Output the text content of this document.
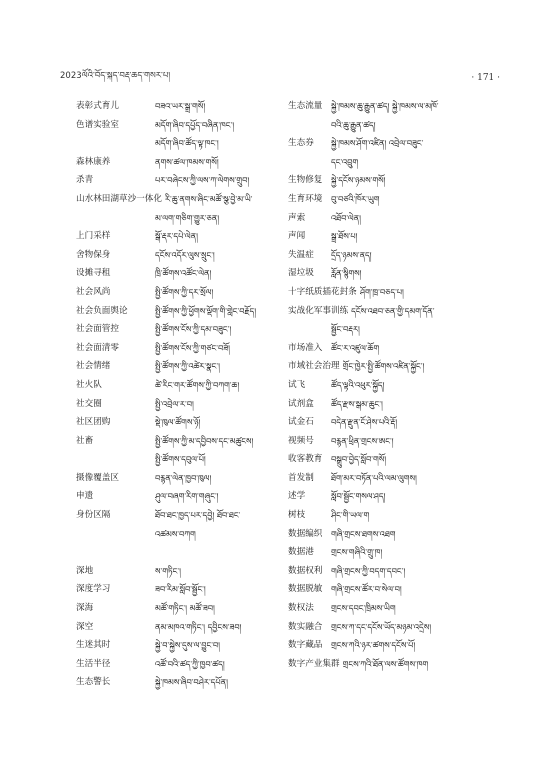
2023ལོའི་བོད་སྐད་བརྡ་ཆད་གསར་པ།	· 171 ·
表彰式育儿	བཟའ་ཡར་སྒྲ་གསོ།
色谱实验室	མདོག་ཞིབ་དཔྱོད་བཞིན་ཁང་།
མདོག་ཞིབ་ཚོད་ལྟ་ཁང་།
森林康养	ནགས་ཚལ་ཁམས་གསོ།
杀青	པར་བཞེངས་ཀྱི་ལས་ཀ་ལེགས་གྲུབ།
山水林田湖草沙一体化 རི་ཆུ་ནགས་ཞིང་མཚོ་སྩ་བྱེ་མ་ཡི་
མ་ལག་གཅིག་གྱུར་ཅན།
上门采样	སྒོ་རྡར་དཔེ་ལེན།
舍物保身	དངོས་འདོར་ལུས་སྲུང་།
设摊寻租	ཁྲི་ཚོགས་འཚོང་ལེན།
社会风尚	སྤྱི་ཚོགས་ཀྱི་དར་སྲོལ།
社会负面舆论	སྤྱི་ཚོགས་ཀྱི་ཕྱོགས་ལྡོག་གི་གླེང་བརྗོད།
社会面管控	སྤྱི་ཚོགས་ངོས་ཀྱི་དམ་བཟུང་།
社会面清零	སྤྱི་ཚོགས་ངོས་ཀྱི་གཙང་བཟོ།
社会情绪	སྤྱི་ཚོགས་ཀྱི་འཚེར་སྣང་།
社火队	ཚེ་རིང་གར་ཚོགས་ཀྱི་བཀག་ཆ།
社交圈	སྤྱི་འབྲེལ་ར་བ།
社区团购	སྡེ་ཁུལ་ཚོགས་ཉོ།
社畜	སྤྱི་ཚོགས་ཀྱི་མ་དབྱིབས་དང་མཚུངས།
སྤྱི་ཚོགས་དབུལ་པོ།
摄像覆盖区	བརྙན་ལེན་ཁྱབ་ཁུལ།
申遗	ཤུལ་བཞག་རིག་གཞུང་།
身份区隔	ཐོབ་ཐང་ཁྱད་པར་དབྱེ། ཐོབ་ཐང་
འཚམས་བཀག
深地	ས་གཏིང་།
深度学习	ཟབ་རིམ་སློབ་སྦྱོང་།
深海	མཚོ་གཏིང་། མཚོ་ཟབ།
深空	ནམ་མཁའ་གཏིང་། དབྱིངས་ཟབ།
生迷其时	སྐྱེ་བ་སྐྱེས་དུས་ལ་བྱུང་བ།
生活半径	འཚོ་བའི་ཚད་ཀྱི་ཁྱབ་ཚད།
生态警长	སྐྱེ་ཁམས་ཞིབ་བཤེར་དཔོན།
生态流量	སྐྱེ་ཁམས་ཆུ་རྒྱུན་ཚད། སྐྱེ་ཁམས་ལ་མཁོ་
བའི་ཆུ་རྒྱུན་ཚད།
生态券	སྐྱེ་ཁམས་ཤོག་འཛིན། འབྲེལ་བཟུང་
དང་འབྲུག
生物修复	སྐྱེ་དངོས་ཉམས་གསོ།
生育环境	བུ་བཙའི་ཁོར་ཡུག
声索	འཐོབ་ལེན།
声闻	སྒྲ་ཐོས་པ།
失温症	དྲོད་ཉམས་ནད།
湿垃圾	རློན་སྙིགས།
十字纸质插花封条 ཤོག་ཁྲ་བཅད་པ།
实战化军事训练 དངོས་འཐབ་ཅན་གྱི་དམག་དོན་
སྦྱོང་བརྡར།
市场准入	ཚོང་ར་འཛུལ་ཆོག
市域社会治理 གྲོང་ཁྱེར་སྤྱི་ཚོགས་འཛིན་སྐྱོང་།
试飞	ཚོད་ལྟའི་འཕུར་སྐྱོད།
试剂盒	ཚོད་རྫས་སྒམ་ཆུང་།
试金石	བདེན་རྫུན་ངོ་ཤེས་པའི་རྡོ།
视频号	བརྙན་ཕྲིན་གྲངས་ཨང་།
收客教育	བསྒྲུབ་བྱེད་སློབ་གསོ།
首发制	ཐོག་མར་བཏོན་པའི་ལམ་ལུགས།
述学	སློབ་སྦྱོང་གསལ་ཤད།
树枝	ཤིང་གི་ཡལ་ག
数据编织	གཞི་གྲངས་ཐགས་འཐག
数据港	གྲངས་གཞིའི་གྲུ་ཁ།
数据权利	གཞི་གྲངས་ཀྱི་བདག་དབང་།
数据脱敏	གཞི་གྲངས་ཚོར་བ་སེལ་བ།
数权法	གྲངས་དབང་ཁྲིམས་ཡིག
数实融合	གྲངས་ཀ་དང་དངོས་ཡོད་མཉམ་འདྲེས།
数字藏品	གྲངས་ཀའི་ཉར་ཚགས་དངོས་པོ།
数字产业集群 གྲངས་ཀའི་ཐོན་ལས་ཚོགས་ཁག
